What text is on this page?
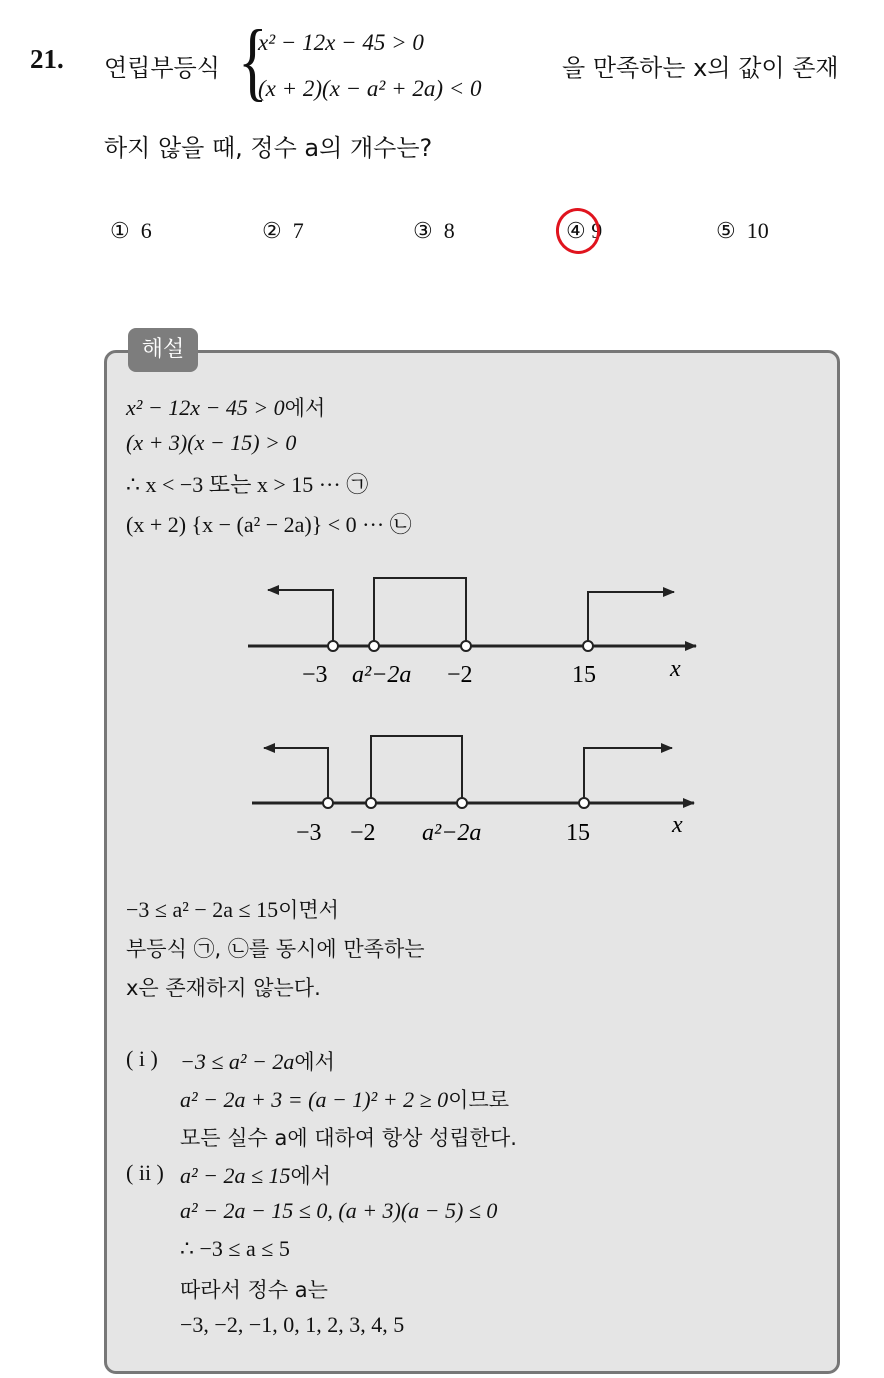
21. 연립부등식 {
x² − 12x − 45 > 0
(x + 2)(x − a² + 2a) < 0
을 만족하는 x의 값이 존재
하지 않을 때, 정수 a의 개수는?
① 6	② 7	③ 8	④ 9	⑤ 10
해설
x² − 12x − 45 > 0에서
(x + 3)(x − 15) > 0
∴ x < −3 또는 x > 15 ··· ㉠
(x + 2) {x − (a² − 2a)} < 0 ··· ㉡
−3 a²−2a −2	15	x
−3 −2 a²−2a	15	x
−3 ≤ a² − 2a ≤ 15이면서
부등식 ㉠, ㉡를 동시에 만족하는
x은 존재하지 않는다.
( i ) −3 ≤ a² − 2a에서
a² − 2a + 3 = (a − 1)² + 2 ≥ 0이므로
모든 실수 a에 대하여 항상 성립한다.
( ii ) a² − 2a ≤ 15에서
a² − 2a − 15 ≤ 0, (a + 3)(a − 5) ≤ 0
∴ −3 ≤ a ≤ 5
따라서 정수 a는
−3, −2, −1, 0, 1, 2, 3, 4, 5
